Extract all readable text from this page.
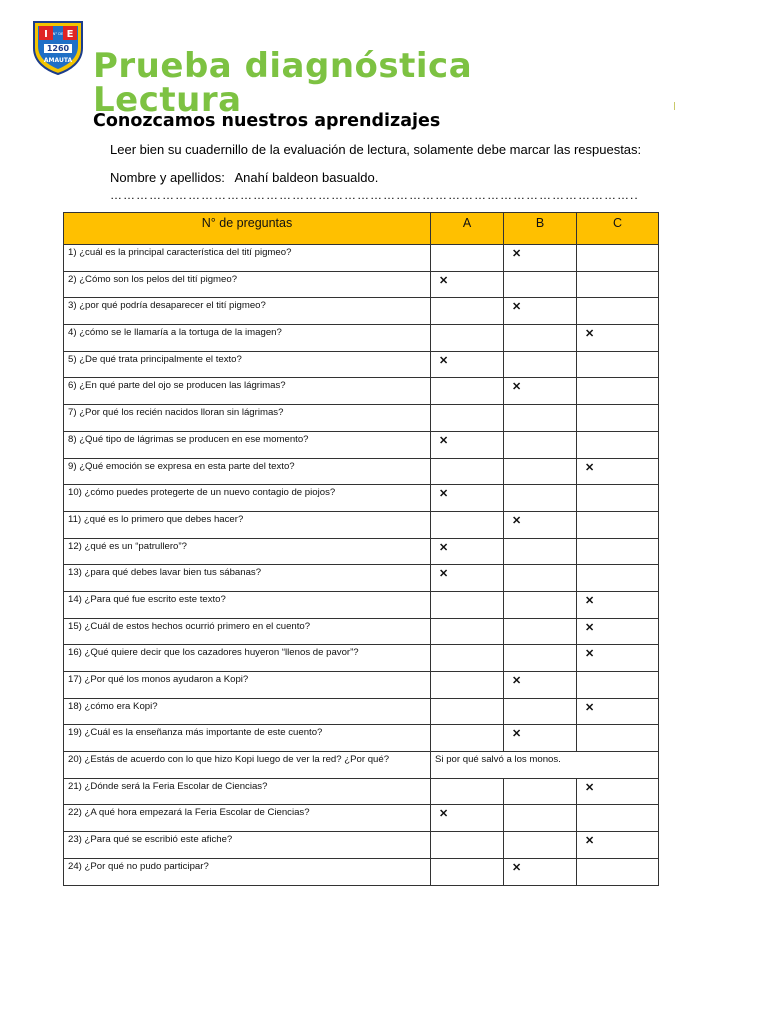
I E
N° DE
1260
AMAUTA Prueba diagnóstica
Lectura
Conozcamos nuestros aprendizajes
Leer bien su cuadernillo de la evaluación de lectura, solamente debe marcar las respuestas:
Nombre y apellidos: Anahí baldeon basualdo.
…………………………………………………………………………………………………………..
N° de preguntas	A	B	C
1) ¿cuál es la principal característica del tití pigmeo?		✕	
2) ¿Cómo son los pelos del tití pigmeo?	✕		
3) ¿por qué podría desaparecer el tití pigmeo?		✕	
4) ¿cómo se le llamaría a la tortuga de la imagen?			✕
5) ¿De qué trata principalmente el texto?	✕		
6) ¿En qué parte del ojo se producen las lágrimas?		✕	
7) ¿Por qué los recién nacidos lloran sin lágrimas?			
8) ¿Qué tipo de lágrimas se producen en ese momento?	✕		
9) ¿Qué emoción se expresa en esta parte del texto?			✕
10) ¿cómo puedes protegerte de un nuevo contagio de piojos?	✕		
11) ¿qué es lo primero que debes hacer?		✕	
12) ¿qué es un “patrullero”?	✕		
13) ¿para qué debes lavar bien tus sábanas?	✕		
14) ¿Para qué fue escrito este texto?			✕
15) ¿Cuál de estos hechos ocurrió primero en el cuento?			✕
16) ¿Qué quiere decir que los cazadores huyeron “llenos de pavor”?			✕
17) ¿Por qué los monos ayudaron a Kopi?		✕	
18) ¿cómo era Kopi?			✕
19) ¿Cuál es la enseñanza más importante de este cuento?		✕	
20) ¿Estás de acuerdo con lo que hizo Kopi luego de ver la red? ¿Por qué?	Si por qué salvó a los monos.		
21) ¿Dónde será la Feria Escolar de Ciencias?			✕
22) ¿A qué hora empezará la Feria Escolar de Ciencias?	✕		
23) ¿Para qué se escribió este afiche?			✕
24) ¿Por qué no pudo participar?		✕	
